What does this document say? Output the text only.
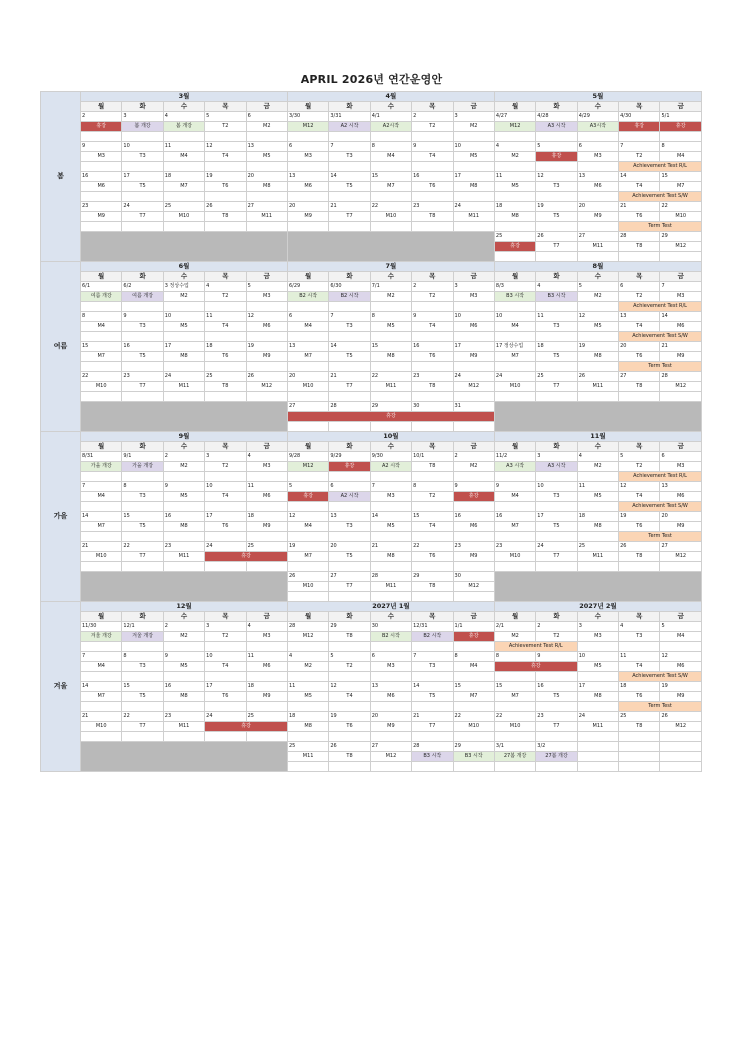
APRIL 2026년 연간운영안
봄	3월					4월					5월				
	월	화	수	목	금	월	화	수	목	금	월	화	수	목	금
	2	3	4	5	6	3/30	3/31	4/1	2	3	4/27	4/28	4/29	4/30	5/1
	휴강	봄 개강	봄 개강	T2	M2	M12	A2 시작	A2시작	T2	M2	M12	A3 시작	A3시작	휴강	휴강

	9	10	11	12	13	6	7	8	9	10	4	5	6	7	8
	M3	T3	M4	T4	M5	M3	T3	M4	T4	M5	M2	휴강	M3	T2	M4
														Achievement Test R/L	
	16	17	18	19	20	13	14	15	16	17	11	12	13	14	15
	M6	T5	M7	T6	M8	M6	T5	M7	T6	M8	M5	T3	M6	T4	M7
														Achievement Test S/W	
	23	24	25	26	27	20	21	22	23	24	18	19	20	21	22
	M9	T7	M10	T8	M11	M9	T7	M10	T8	M11	M8	T5	M9	T6	M10
														Term Test	
											25	26	27	28	29
											휴강	T7	M11	T8	M12

여름	6월					7월					8월				
	월	화	수	목	금	월	화	수	목	금	월	화	수	목	금
	6/1	6/2	3 정상수업	4	5	6/29	6/30	7/1	2	3	8/3	4	5	6	7
	여름 개강	여름 개강	M2	T2	M3	B2 시작	B2 시작	M2	T2	M3	B3 시작	B3 시작	M2	T2	M3
														Achievement Test R/L	
	8	9	10	11	12	6	7	8	9	10	10	11	12	13	14
	M4	T3	M5	T4	M6	M4	T3	M5	T4	M6	M4	T3	M5	T4	M6
														Achievement Test S/W	
	15	16	17	18	19	13	14	15	16	17	17 정상수업	18	19	20	21
	M7	T5	M8	T6	M9	M7	T5	M8	T6	M9	M7	T5	M8	T6	M9
														Term Test	
	22	23	24	25	26	20	21	22	23	24	24	25	26	27	28
	M10	T7	M11	T8	M12	M10	T7	M11	T8	M12	M10	T7	M11	T8	M12

						27	28	29	30	31					
						휴강									

가을	9월					10월					11월				
	월	화	수	목	금	월	화	수	목	금	월	화	수	목	금
	8/31	9/1	2	3	4	9/28	9/29	9/30	10/1	2	11/2	3	4	5	6
	가을 개강	가을 개강	M2	T2	M3	M12	휴강	A2 시작	T8	M2	A3 시작	A3 시작	M2	T2	M3
														Achievement Test R/L	
	7	8	9	10	11	5	6	7	8	9	9	10	11	12	13
	M4	T3	M5	T4	M6	휴강	A2 시작	M3	T2	휴강	M4	T3	M5	T4	M6
														Achievement Test S/W	
	14	15	16	17	18	12	13	14	15	16	16	17	18	19	20
	M7	T5	M8	T6	M9	M4	T3	M5	T4	M6	M7	T5	M8	T6	M9
														Term Test	
	21	22	23	24	25	19	20	21	22	23	23	24	25	26	27
	M10	T7	M11	휴강		M7	T5	M8	T6	M9	M10	T7	M11	T8	M12

						26	27	28	29	30					
						M10	T7	M11	T8	M12					

겨울	12월					2027년 1월					2027년 2월				
	월	화	수	목	금	월	화	수	목	금	월	화	수	목	금
	11/30	12/1	2	3	4	28	29	30	12/31	1/1	2/1	2	3	4	5
	겨울 개강	겨울 개강	M2	T2	M3	M12	T8	B2 시작	B2 시작	휴강	M2	T2	M3	T3	M4
											Achievement Test R/L				
	7	8	9	10	11	4	5	6	7	8	8	9	10	11	12
	M4	T3	M5	T4	M6	M2	T2	M3	T3	M4	휴강		M5	T4	M6
														Achievement Test S/W	
	14	15	16	17	18	11	12	13	14	15	15	16	17	18	19
	M7	T5	M8	T6	M9	M5	T4	M6	T5	M7	M7	T5	M8	T6	M9
														Term Test	
	21	22	23	24	25	18	19	20	21	22	22	23	24	25	26
	M10	T7	M11	휴강		M8	T6	M9	T7	M10	M10	T7	M11	T8	M12

						25	26	27	28	29	3/1	3/2			
						M11	T8	M12	B3 시작	B3 시작	27봄 개강	27봄 개강			
